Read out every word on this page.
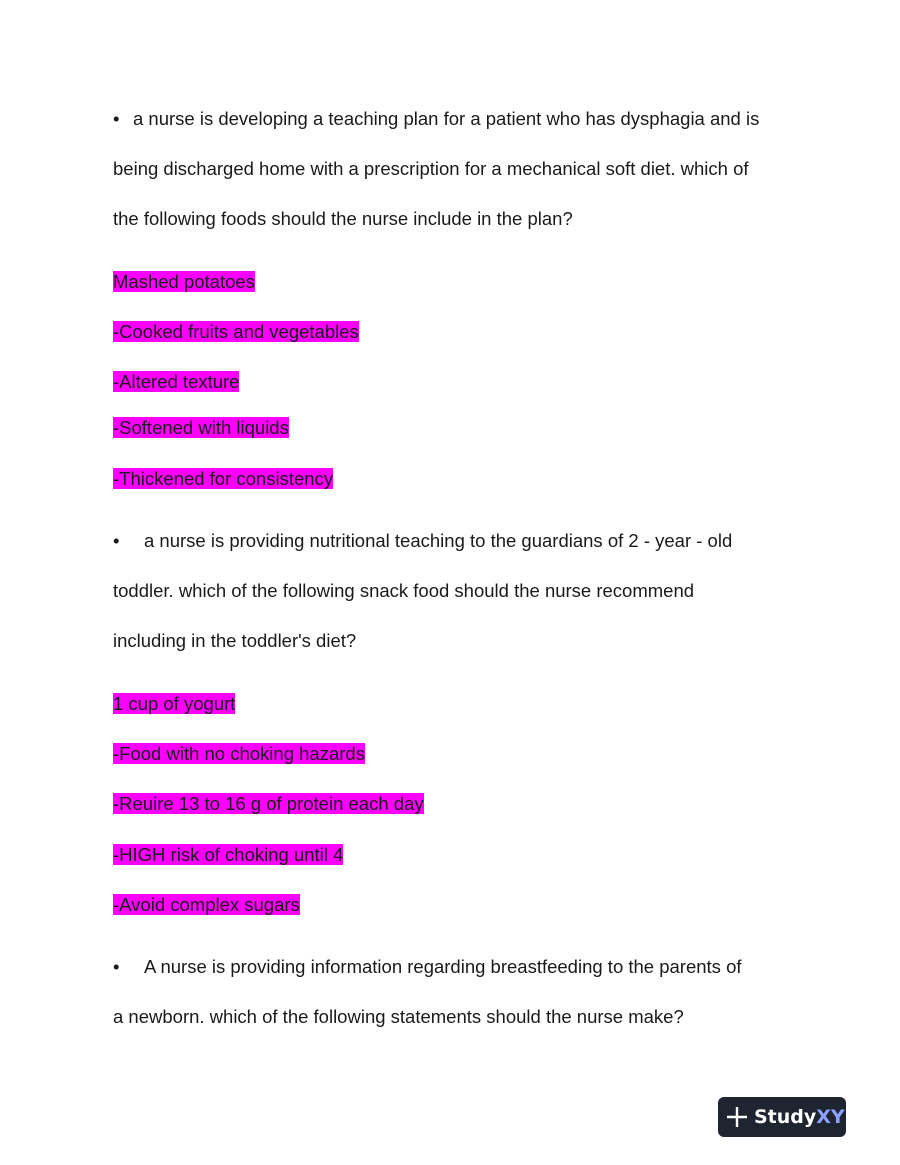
• a nurse is developing a teaching plan for a patient who has dysphagia and is
being discharged home with a prescription for a mechanical soft diet. which of
the following foods should the nurse include in the plan?
Mashed potatoes
-Cooked fruits and vegetables
-Altered texture
-Softened with liquids
-Thickened for consistency
• a nurse is providing nutritional teaching to the guardians of 2 - year - old
toddler. which of the following snack food should the nurse recommend
including in the toddler's diet?
1 cup of yogurt
-Food with no choking hazards
-Reuire 13 to 16 g of protein each day
-HIGH risk of choking until 4
-Avoid complex sugars
• A nurse is providing information regarding breastfeeding to the parents of
a newborn. which of the following statements should the nurse make?
Study XY
